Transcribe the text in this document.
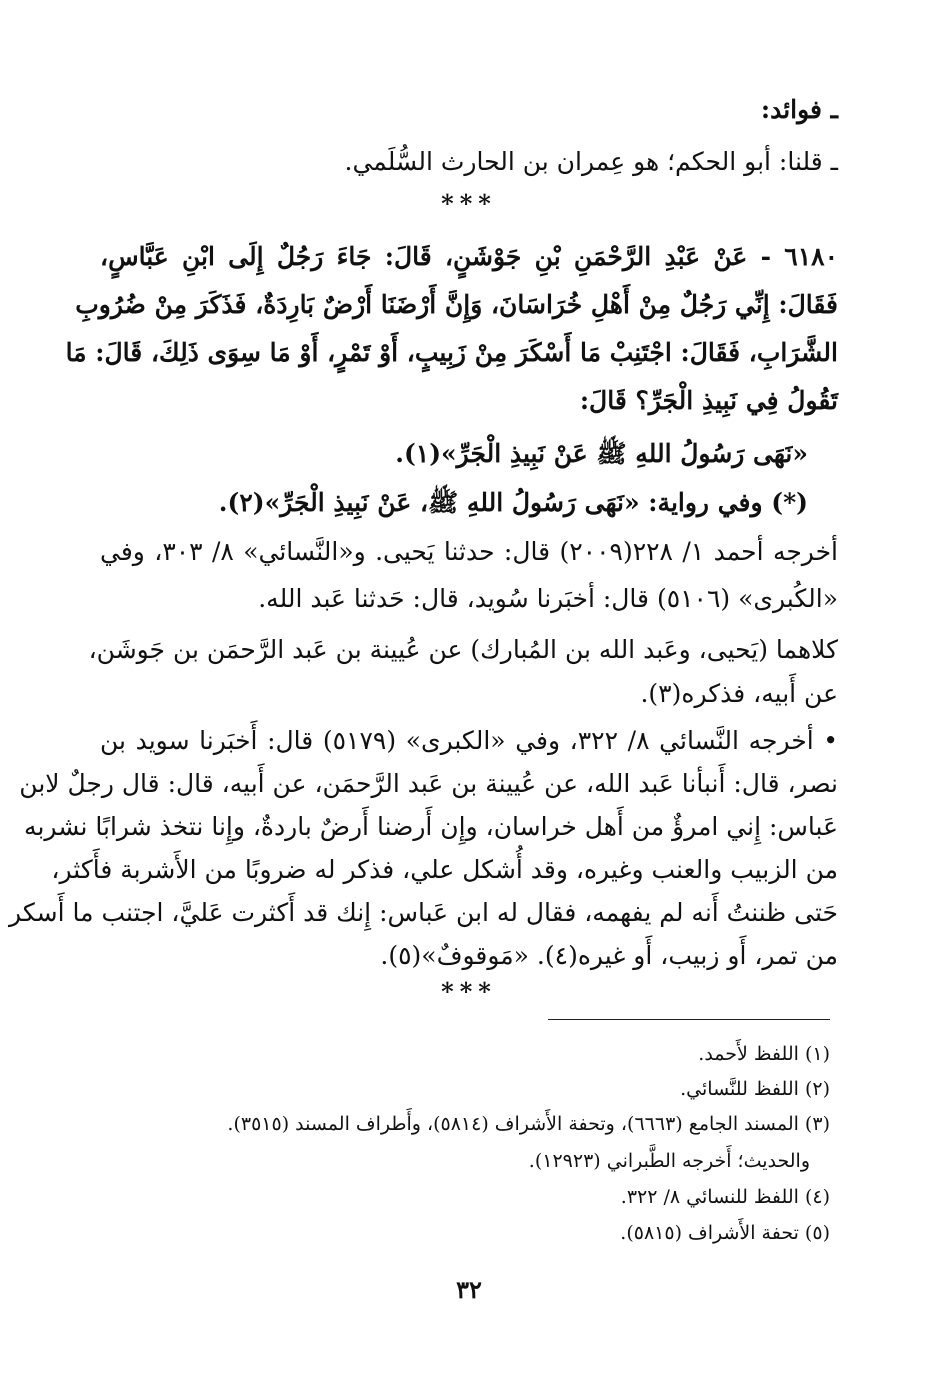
ـ فوائد:
ـ قلنا: أبو الحكم؛ هو عِمران بن الحارث السُّلَمي.
***
٦١٨٠ - عَنْ عَبْدِ الرَّحْمَنِ بْنِ جَوْشَنٍ، قَالَ: جَاءَ رَجُلٌ إِلَى ابْنِ عَبَّاسٍ،
فَقَالَ: إِنِّي رَجُلٌ مِنْ أَهْلِ خُرَاسَانَ، وَإِنَّ أَرْضَنَا أَرْضٌ بَارِدَةٌ، فَذَكَرَ مِنْ ضُرُوبِ
الشَّرَابِ، فَقَالَ: اجْتَنِبْ مَا أَسْكَرَ مِنْ زَبِيبٍ، أَوْ تَمْرٍ، أَوْ مَا سِوَى ذَلِكَ، قَالَ: مَا
تَقُولُ فِي نَبِيذِ الْجَرِّ؟ قَالَ:
«نَهَى رَسُولُ اللهِ ﷺ عَنْ نَبِيذِ الْجَرِّ»(١).
(*) وفي رواية: «نَهَى رَسُولُ اللهِ ﷺ، عَنْ نَبِيذِ الْجَرِّ»(٢).
أخرجه أحمد ١/ ٢٢٨(٢٠٠٩) قال: حدثنا يَحيى. و«النَّسائي» ٨/ ٣٠٣، وفي
«الكُبرى» (٥١٠٦) قال: أخبَرنا سُويد، قال: حَدثنا عَبد الله.
كلاهما (يَحيى، وعَبد الله بن المُبارك) عن عُيينة بن عَبد الرَّحمَن بن جَوشَن،
عن أَبيه، فذكره(٣).
• أخرجه النَّسائي ٨/ ٣٢٢، وفي «الكبرى» (٥١٧٩) قال: أَخبَرنا سويد بن
نصر، قال: أَنبأنا عَبد الله، عن عُيينة بن عَبد الرَّحمَن، عن أَبيه، قال: قال رجلٌ لابن
عَباس: إِني امرؤٌ من أَهل خراسان، وإِن أَرضنا أَرضٌ باردةٌ، وإِنا نتخذ شرابًا نشربه
من الزبيب والعنب وغيره، وقد أُشكل علي، فذكر له ضروبًا من الأَشربة فأَكثر،
حَتى ظننتُ أَنه لم يفهمه، فقال له ابن عَباس: إِنك قد أَكثرت عَليَّ، اجتنب ما أَسكر
من تمر، أَو زبيب، أَو غيره(٤). «مَوقوفٌ»(٥).
***
(١) اللفظ لأَحمد.
(٢) اللفظ للنَّسائي.
(٣) المسند الجامع (٦٦٦٣)، وتحفة الأَشراف (٥٨١٤)، وأَطراف المسند (٣٥١٥).
والحديث؛ أَخرجه الطَّبراني (١٢٩٢٣).
(٤) اللفظ للنسائي ٨/ ٣٢٢.
(٥) تحفة الأَشراف (٥٨١٥).
٣٢
